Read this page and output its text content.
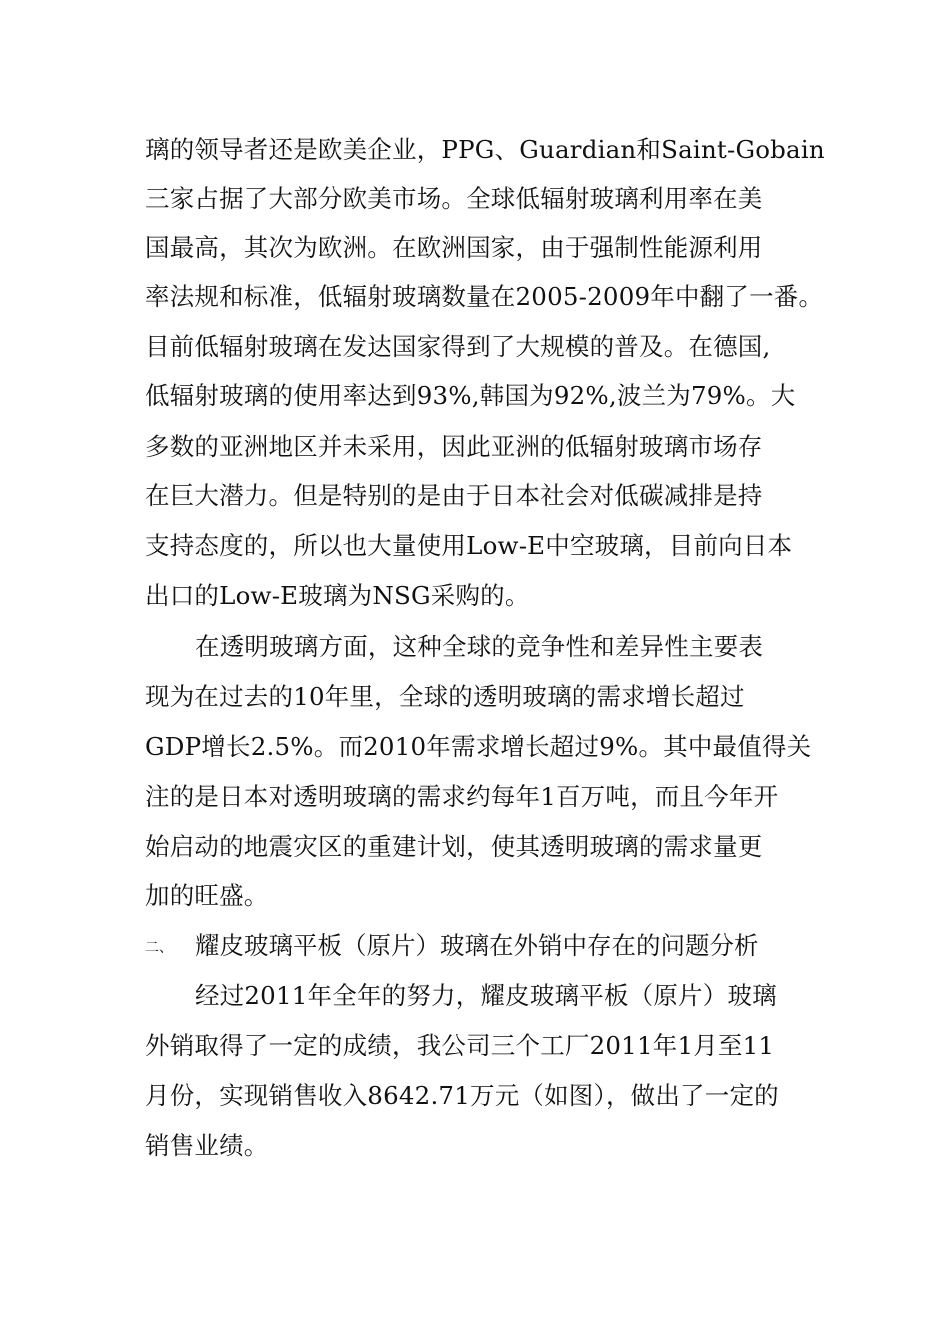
璃的领导者还是欧美企业，PPG、Guardian和Saint-Gobain
三家占据了大部分欧美市场。全球低辐射玻璃利用率在美
国最高，其次为欧洲。在欧洲国家，由于强制性能源利用
率法规和标准，低辐射玻璃数量在2005-2009年中翻了一番。
目前低辐射玻璃在发达国家得到了大规模的普及。在德国,
低辐射玻璃的使用率达到93%,韩国为92%,波兰为79%。大
多数的亚洲地区并未采用，因此亚洲的低辐射玻璃市场存
在巨大潜力。但是特别的是由于日本社会对低碳减排是持
支持态度的，所以也大量使用Low-E中空玻璃，目前向日本
出口的Low-E玻璃为NSG采购的。
在透明玻璃方面，这种全球的竞争性和差异性主要表
现为在过去的10年里，全球的透明玻璃的需求增长超过
GDP增长2.5%。而2010年需求增长超过9%。其中最值得关
注的是日本对透明玻璃的需求约每年1百万吨，而且今年开
始启动的地震灾区的重建计划，使其透明玻璃的需求量更
加的旺盛。
二、 耀皮玻璃平板（原片）玻璃在外销中存在的问题分析
经过2011年全年的努力，耀皮玻璃平板（原片）玻璃
外销取得了一定的成绩，我公司三个工厂2011年1月至11
月份，实现销售收入8642.71万元（如图），做出了一定的
销售业绩。
